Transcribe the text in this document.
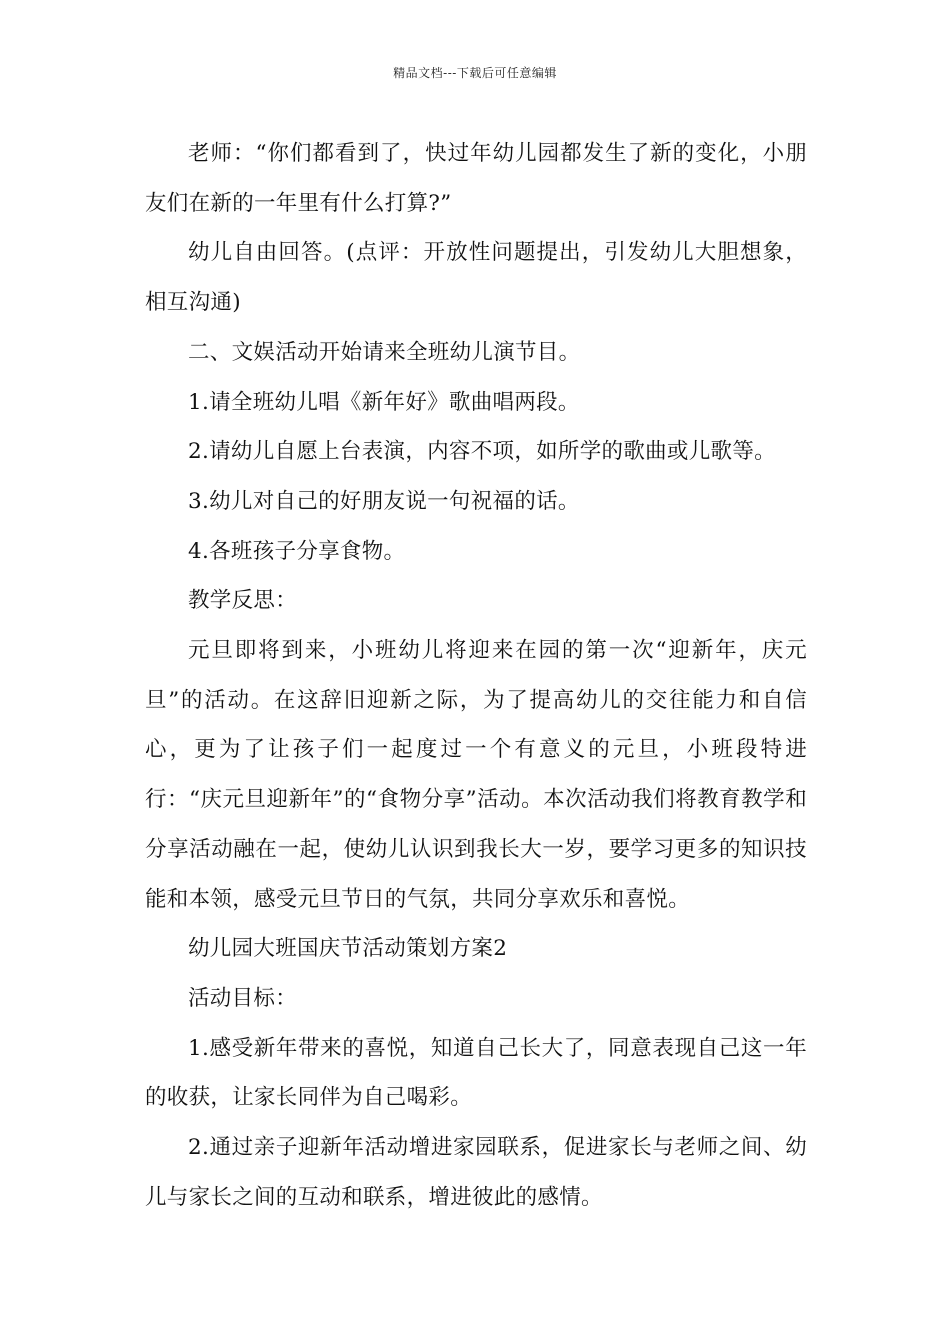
精品文档---下载后可任意编辑

老师：“你们都看到了，快过年幼儿园都发生了新的变化，小朋友们在新的一年里有什么打算?”

幼儿自由回答。(点评：开放性问题提出，引发幼儿大胆想象，相互沟通)

二、文娱活动开始请来全班幼儿演节目。

1.请全班幼儿唱《新年好》歌曲唱两段。

2.请幼儿自愿上台表演，内容不项，如所学的歌曲或儿歌等。

3.幼儿对自己的好朋友说一句祝福的话。

4.各班孩子分享食物。

教学反思：

元旦即将到来，小班幼儿将迎来在园的第一次“迎新年，庆元旦”的活动。在这辞旧迎新之际，为了提高幼儿的交往能力和自信心，更为了让孩子们一起度过一个有意义的元旦，小班段特进行：“庆元旦迎新年”的“食物分享”活动。本次活动我们将教育教学和分享活动融在一起，使幼儿认识到我长大一岁，要学习更多的知识技能和本领，感受元旦节日的气氛，共同分享欢乐和喜悦。

幼儿园大班国庆节活动策划方案2

活动目标：

1.感受新年带来的喜悦，知道自己长大了，同意表现自己这一年的收获，让家长同伴为自己喝彩。

2.通过亲子迎新年活动增进家园联系，促进家长与老师之间、幼儿与家长之间的互动和联系，增进彼此的感情。
